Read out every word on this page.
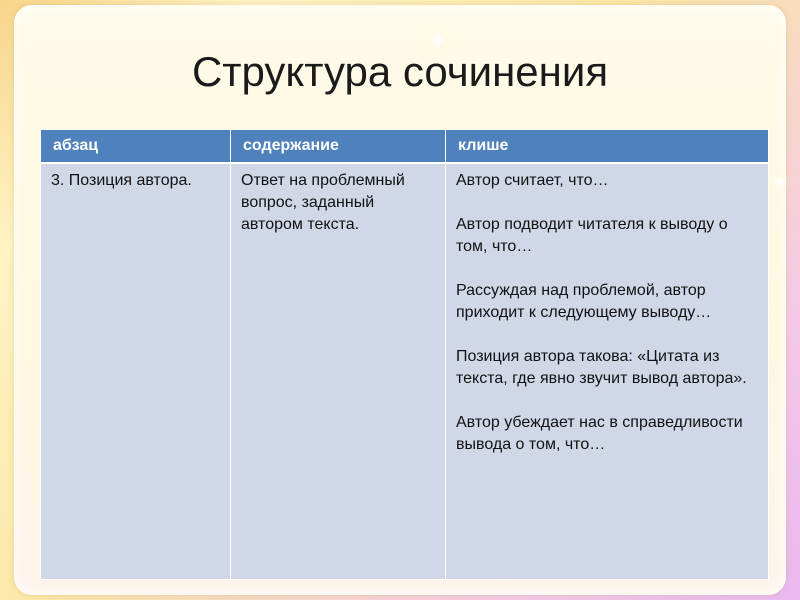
✦
✦
Структура сочинения
абзац	содержание	клише
3. Позиция автора.	Ответ на проблемный вопрос, заданный автором текста.	Автор считает, что…

Автор подводит читателя к выводу о том, что…

Рассуждая над проблемой, автор приходит к следующему выводу…

Позиция автора такова: «Цитата из текста, где явно звучит вывод автора».

Автор убеждает нас в справедливости вывода о том, что…
